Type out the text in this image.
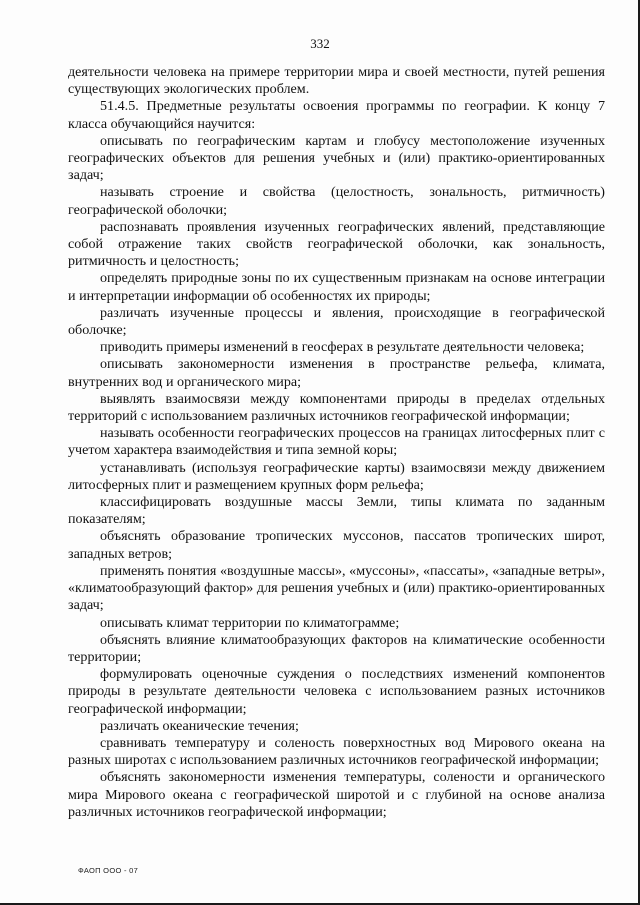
332

деятельности человека на примере территории мира и своей местности, путей решения существующих экологических проблем.

51.4.5. Предметные результаты освоения программы по географии. К концу 7 класса обучающийся научится:

описывать по географическим картам и глобусу местоположение изученных географических объектов для решения учебных и (или) практико-ориентированных задач;

называть строение и свойства (целостность, зональность, ритмичность) географической оболочки;

распознавать проявления изученных географических явлений, представляющие собой отражение таких свойств географической оболочки, как зональность, ритмичность и целостность;

определять природные зоны по их существенным признакам на основе интеграции и интерпретации информации об особенностях их природы;

различать изученные процессы и явления, происходящие в географической оболочке;

приводить примеры изменений в геосферах в результате деятельности человека;

описывать закономерности изменения в пространстве рельефа, климата, внутренних вод и органического мира;

выявлять взаимосвязи между компонентами природы в пределах отдельных территорий с использованием различных источников географической информации;

называть особенности географических процессов на границах литосферных плит с учетом характера взаимодействия и типа земной коры;

устанавливать (используя географические карты) взаимосвязи между движением литосферных плит и размещением крупных форм рельефа;

классифицировать воздушные массы Земли, типы климата по заданным показателям;

объяснять образование тропических муссонов, пассатов тропических широт, западных ветров;

применять понятия «воздушные массы», «муссоны», «пассаты», «западные ветры», «климатообразующий фактор» для решения учебных и (или) практико-ориентированных задач;

описывать климат территории по климатограмме;

объяснять влияние климатообразующих факторов на климатические особенности территории;

формулировать оценочные суждения о последствиях изменений компонентов природы в результате деятельности человека с использованием разных источников географической информации;

различать океанические течения;

сравнивать температуру и соленость поверхностных вод Мирового океана на разных широтах с использованием различных источников географической информации;

объяснять закономерности изменения температуры, солености и органического мира Мирового океана с географической широтой и с глубиной на основе анализа различных источников географической информации;

ФАОП ООО - 07
